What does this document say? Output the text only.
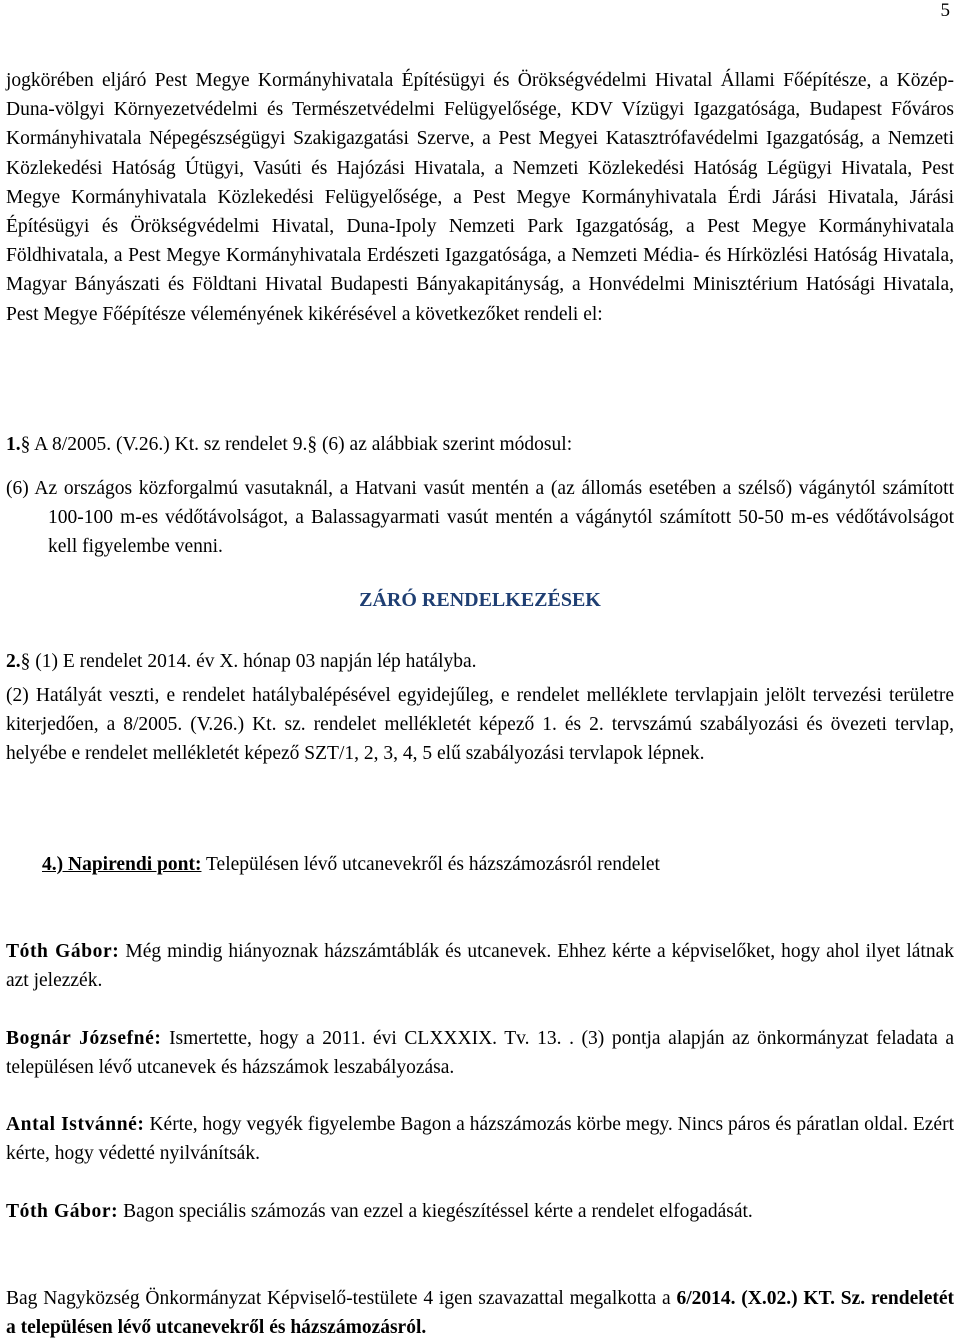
5

jogkörében eljáró Pest Megye Kormányhivatala Építésügyi és Örökségvédelmi Hivatal Állami Főépítésze, a Közép-Duna-völgyi Környezetvédelmi és Természetvédelmi Felügyelősége, KDV Vízügyi Igazgatósága, Budapest Főváros Kormányhivatala Népegészségügyi Szakigazgatási Szerve, a Pest Megyei Katasztrófavédelmi Igazgatóság, a Nemzeti Közlekedési Hatóság Útügyi, Vasúti és Hajózási Hivatala, a Nemzeti Közlekedési Hatóság Légügyi Hivatala, Pest Megye Kormányhivatala Közlekedési Felügyelősége, a Pest Megye Kormányhivatala Érdi Járási Hivatala, Járási Építésügyi és Örökségvédelmi Hivatal, Duna-Ipoly Nemzeti Park Igazgatóság, a Pest Megye Kormányhivatala Földhivatala, a Pest Megye Kormányhivatala Erdészeti Igazgatósága, a Nemzeti Média- és Hírközlési Hatóság Hivatala, Magyar Bányászati és Földtani Hivatal Budapesti Bányakapitányság, a Honvédelmi Minisztérium Hatósági Hivatala, Pest Megye Főépítésze véleményének kikérésével a következőket rendeli el:

1.§ A 8/2005. (V.26.) Kt. sz rendelet 9.§ (6) az alábbiak szerint módosul:

(6) Az országos közforgalmú vasutaknál, a Hatvani vasút mentén a (az állomás esetében a szélső) vágánytól számított 100-100 m-es védőtávolságot, a Balassagyarmati vasút mentén a vágánytól számított 50-50 m-es védőtávolságot kell figyelembe venni.
ZÁRÓ RENDELKEZÉSEK

2.§ (1) E rendelet 2014. év X. hónap 03 napján lép hatályba.

(2) Hatályát veszti, e rendelet hatálybalépésével egyidejűleg, e rendelet melléklete tervlapjain jelölt tervezési területre kiterjedően, a 8/2005. (V.26.) Kt. sz. rendelet mellékletét képező 1. és 2. tervszámú szabályozási és övezeti tervlap, helyébe e rendelet mellékletét képező SZT/1, 2, 3, 4, 5 elű szabályozási tervlapok lépnek.

4.) Napirendi pont: Településen lévő utcanevekről és házszámozásról rendelet

Tóth Gábor: Még mindig hiányoznak házszámtáblák és utcanevek. Ehhez kérte a képviselőket, hogy ahol ilyet látnak azt jelezzék.

Bognár Józsefné: Ismertette, hogy a 2011. évi CLXXXIX. Tv. 13. . (3) pontja alapján az önkormányzat feladata a településen lévő utcanevek és házszámok leszabályozása.

Antal Istvánné: Kérte, hogy vegyék figyelembe Bagon a házszámozás körbe megy. Nincs páros és páratlan oldal. Ezért kérte, hogy védetté nyilvánítsák.

Tóth Gábor: Bagon speciális számozás van ezzel a kiegészítéssel kérte a rendelet elfogadását.

Bag Nagyközség Önkormányzat Képviselő-testülete 4 igen szavazattal megalkotta a 6/2014. (X.02.) KT. Sz. rendeletét a településen lévő utcanevekről és házszámozásról.
